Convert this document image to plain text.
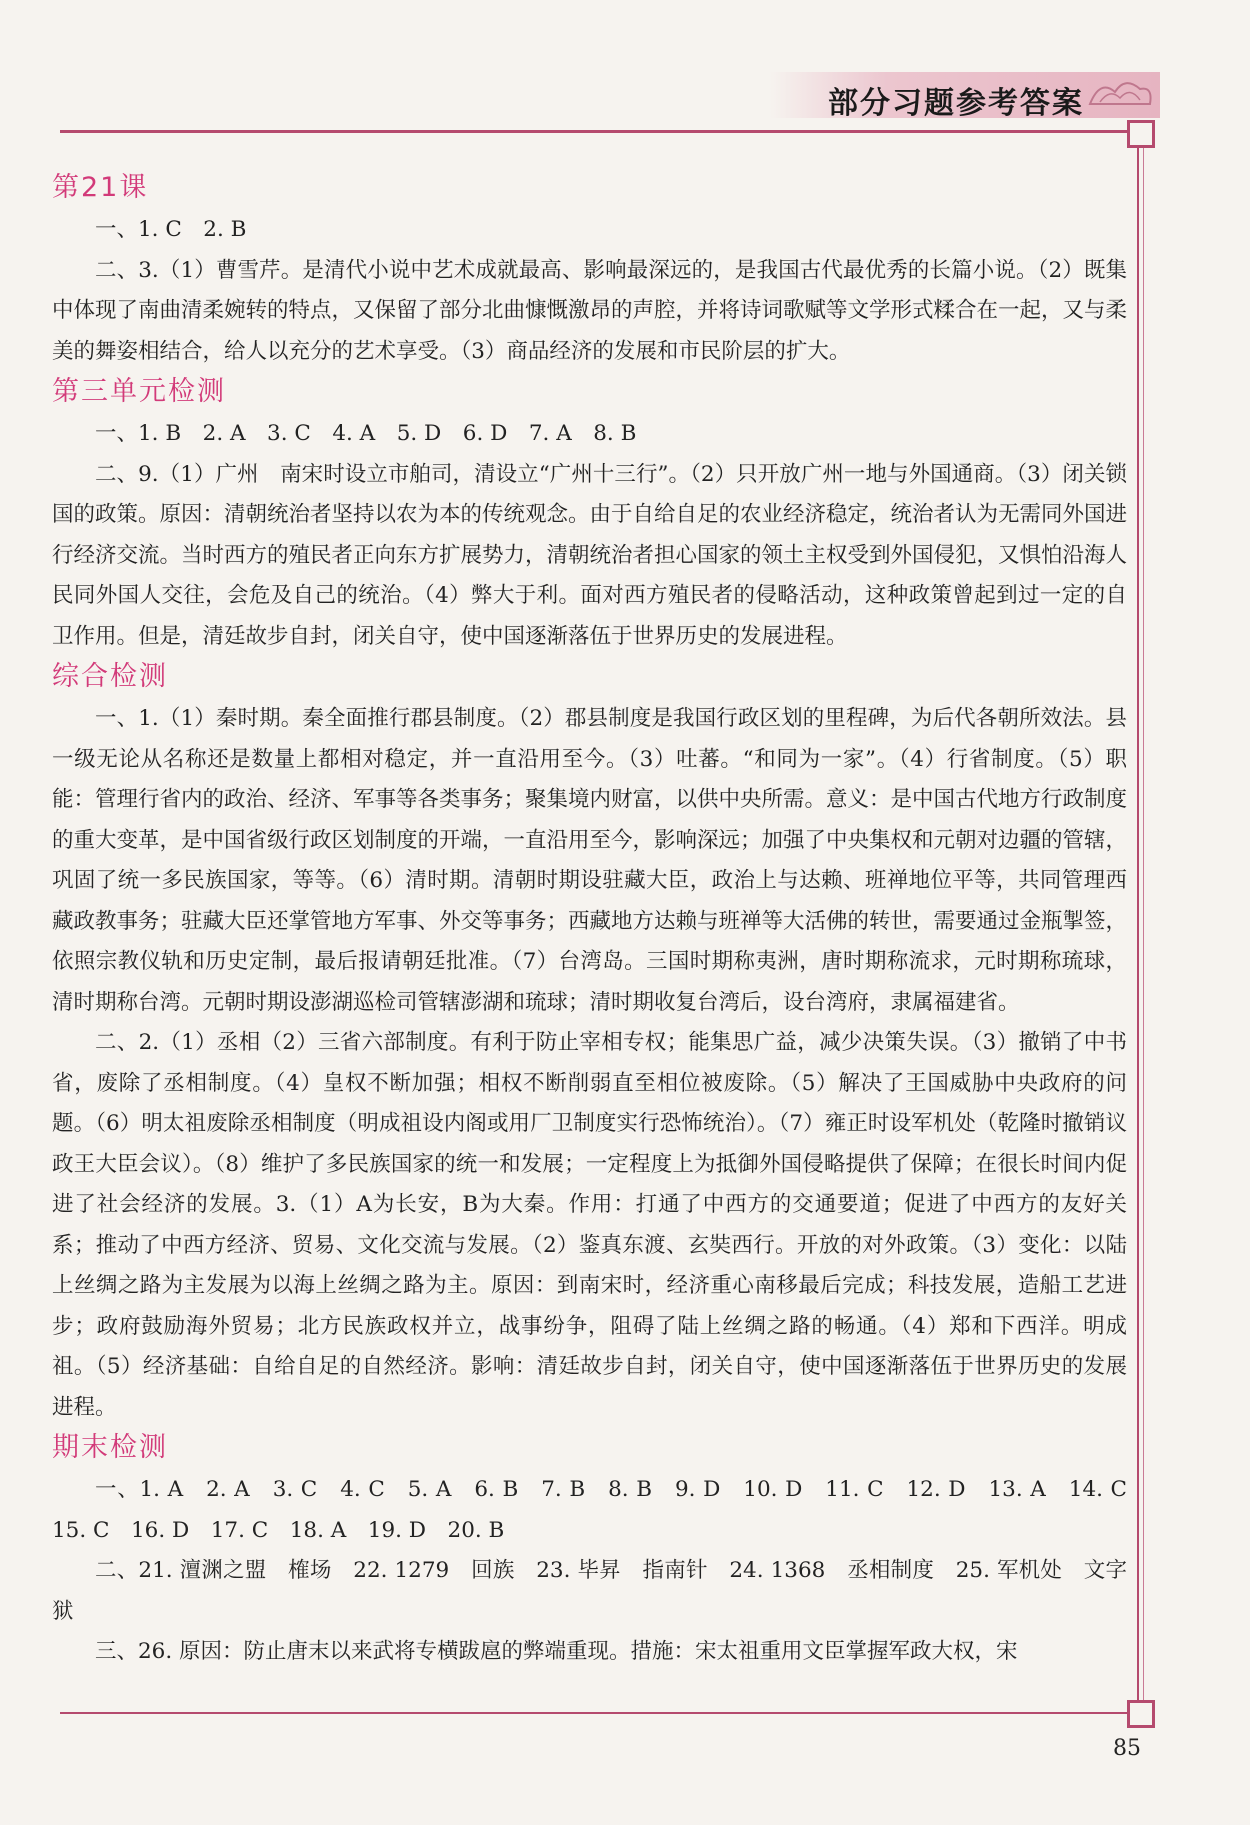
部分习题参考答案
第21课

一、1. C　2. B

二、3.（1）曹雪芹。是清代小说中艺术成就最高、影响最深远的，是我国古代最优秀的长篇小说。（2）既集中体现了南曲清柔婉转的特点，又保留了部分北曲慷慨激昂的声腔，并将诗词歌赋等文学形式糅合在一起，又与柔美的舞姿相结合，给人以充分的艺术享受。（3）商品经济的发展和市民阶层的扩大。

第三单元检测

一、1. B　2. A　3. C　4. A　5. D　6. D　7. A　8. B

二、9.（1）广州　南宋时设立市舶司，清设立“广州十三行”。（2）只开放广州一地与外国通商。（3）闭关锁国的政策。原因：清朝统治者坚持以农为本的传统观念。由于自给自足的农业经济稳定，统治者认为无需同外国进行经济交流。当时西方的殖民者正向东方扩展势力，清朝统治者担心国家的领土主权受到外国侵犯，又惧怕沿海人民同外国人交往，会危及自己的统治。（4）弊大于利。面对西方殖民者的侵略活动，这种政策曾起到过一定的自卫作用。但是，清廷故步自封，闭关自守，使中国逐渐落伍于世界历史的发展进程。

综合检测

一、1.（1）秦时期。秦全面推行郡县制度。（2）郡县制度是我国行政区划的里程碑，为后代各朝所效法。县一级无论从名称还是数量上都相对稳定，并一直沿用至今。（3）吐蕃。“和同为一家”。（4）行省制度。（5）职能：管理行省内的政治、经济、军事等各类事务；聚集境内财富，以供中央所需。意义：是中国古代地方行政制度的重大变革，是中国省级行政区划制度的开端，一直沿用至今，影响深远；加强了中央集权和元朝对边疆的管辖，巩固了统一多民族国家，等等。（6）清时期。清朝时期设驻藏大臣，政治上与达赖、班禅地位平等，共同管理西藏政教事务；驻藏大臣还掌管地方军事、外交等事务；西藏地方达赖与班禅等大活佛的转世，需要通过金瓶掣签，依照宗教仪轨和历史定制，最后报请朝廷批准。（7）台湾岛。三国时期称夷洲，唐时期称流求，元时期称琉球，清时期称台湾。元朝时期设澎湖巡检司管辖澎湖和琉球；清时期收复台湾后，设台湾府，隶属福建省。

二、2.（1）丞相（2）三省六部制度。有利于防止宰相专权；能集思广益，减少决策失误。（3）撤销了中书省，废除了丞相制度。（4）皇权不断加强；相权不断削弱直至相位被废除。（5）解决了王国威胁中央政府的问题。（6）明太祖废除丞相制度（明成祖设内阁或用厂卫制度实行恐怖统治）。（7）雍正时设军机处（乾隆时撤销议政王大臣会议）。（8）维护了多民族国家的统一和发展；一定程度上为抵御外国侵略提供了保障；在很长时间内促进了社会经济的发展。3.（1）A为长安，B为大秦。作用：打通了中西方的交通要道；促进了中西方的友好关系；推动了中西方经济、贸易、文化交流与发展。（2）鉴真东渡、玄奘西行。开放的对外政策。（3）变化：以陆上丝绸之路为主发展为以海上丝绸之路为主。原因：到南宋时，经济重心南移最后完成；科技发展，造船工艺进步；政府鼓励海外贸易；北方民族政权并立，战事纷争，阻碍了陆上丝绸之路的畅通。（4）郑和下西洋。明成祖。（5）经济基础：自给自足的自然经济。影响：清廷故步自封，闭关自守，使中国逐渐落伍于世界历史的发展进程。

期末检测

一、1. A　2. A　3. C　4. C　5. A　6. B　7. B　8. B　9. D　10. D　11. C　12. D　13. A　14. C　15. C　16. D　17. C　18. A　19. D　20. B

二、21. 澶渊之盟　榷场　22. 1279　回族　23. 毕昇　指南针　24. 1368　丞相制度　25. 军机处　文字狱

三、26. 原因：防止唐末以来武将专横跋扈的弊端重现。措施：宋太祖重用文臣掌握军政大权，宋

85
